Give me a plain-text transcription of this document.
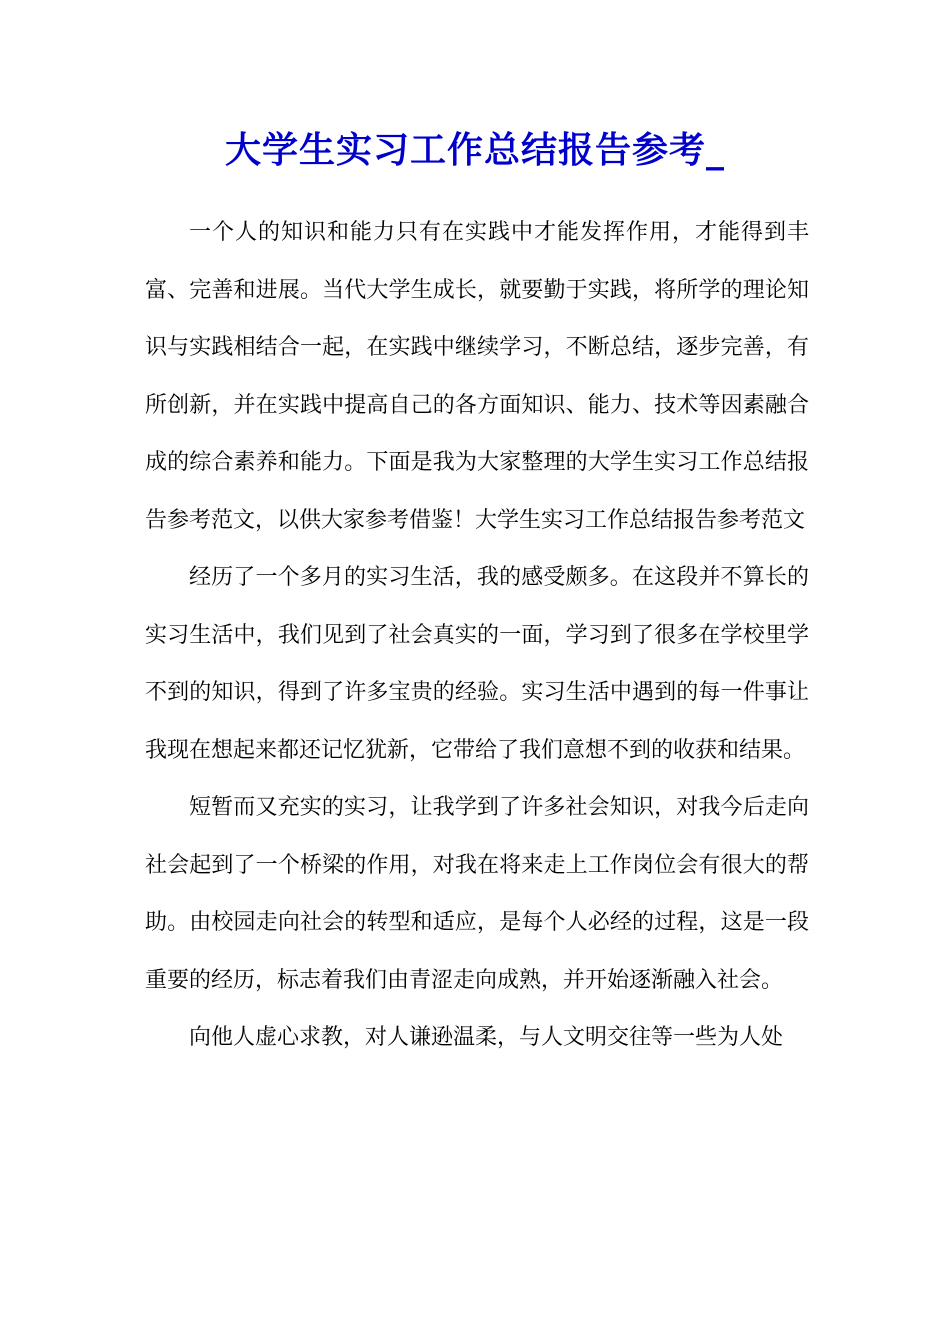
大学生实习工作总结报告参考_

一个人的知识和能力只有在实践中才能发挥作用，才能得到丰富、完善和进展。当代大学生成长，就要勤于实践，将所学的理论知识与实践相结合一起，在实践中继续学习，不断总结，逐步完善，有所创新，并在实践中提高自己的各方面知识、能力、技术等因素融合成的综合素养和能力。下面是我为大家整理的大学生实习工作总结报告参考范文，以供大家参考借鉴！大学生实习工作总结报告参考范文

经历了一个多月的实习生活，我的感受颇多。在这段并不算长的实习生活中，我们见到了社会真实的一面，学习到了很多在学校里学不到的知识，得到了许多宝贵的经验。实习生活中遇到的每一件事让我现在想起来都还记忆犹新，它带给了我们意想不到的收获和结果。

短暂而又充实的实习，让我学到了许多社会知识，对我今后走向社会起到了一个桥梁的作用，对我在将来走上工作岗位会有很大的帮助。由校园走向社会的转型和适应，是每个人必经的过程，这是一段重要的经历，标志着我们由青涩走向成熟，并开始逐渐融入社会。

向他人虚心求教，对人谦逊温柔，与人文明交往等一些为人处
